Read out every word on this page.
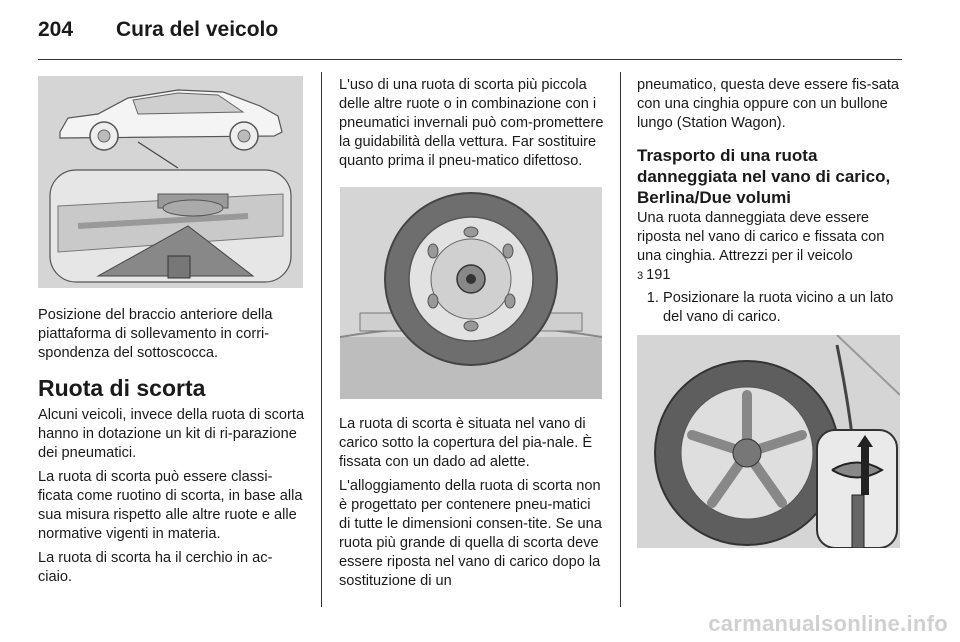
204 Cura del veicolo

Posizione del braccio anteriore della piattaforma di sollevamento in corri-spondenza del sottoscocca.

Ruota di scorta

Alcuni veicoli, invece della ruota di scorta hanno in dotazione un kit di ri-parazione dei pneumatici.

La ruota di scorta può essere classi-ficata come ruotino di scorta, in base alla sua misura rispetto alle altre ruote e alle normative vigenti in materia.

La ruota di scorta ha il cerchio in ac-ciaio.

L'uso di una ruota di scorta più piccola delle altre ruote o in combinazione con i pneumatici invernali può com-promettere la guidabilità della vettura. Far sostituire quanto prima il pneu-matico difettoso.

La ruota di scorta è situata nel vano di carico sotto la copertura del pia-nale. È fissata con un dado ad alette.

L'alloggiamento della ruota di scorta non è progettato per contenere pneu-matici di tutte le dimensioni consen-tite. Se una ruota più grande di quella di scorta deve essere riposta nel vano di carico dopo la sostituzione di un

pneumatico, questa deve essere fis-sata con una cinghia oppure con un bullone lungo (Station Wagon).

Trasporto di una ruota danneggiata nel vano di carico, Berlina/Due volumi

Una ruota danneggiata deve essere riposta nel vano di carico e fissata con una cinghia. Attrezzi per il veicolo
3 191

1. Posizionare la ruota vicino a un lato del vano di carico.
carmanualsonline.info
